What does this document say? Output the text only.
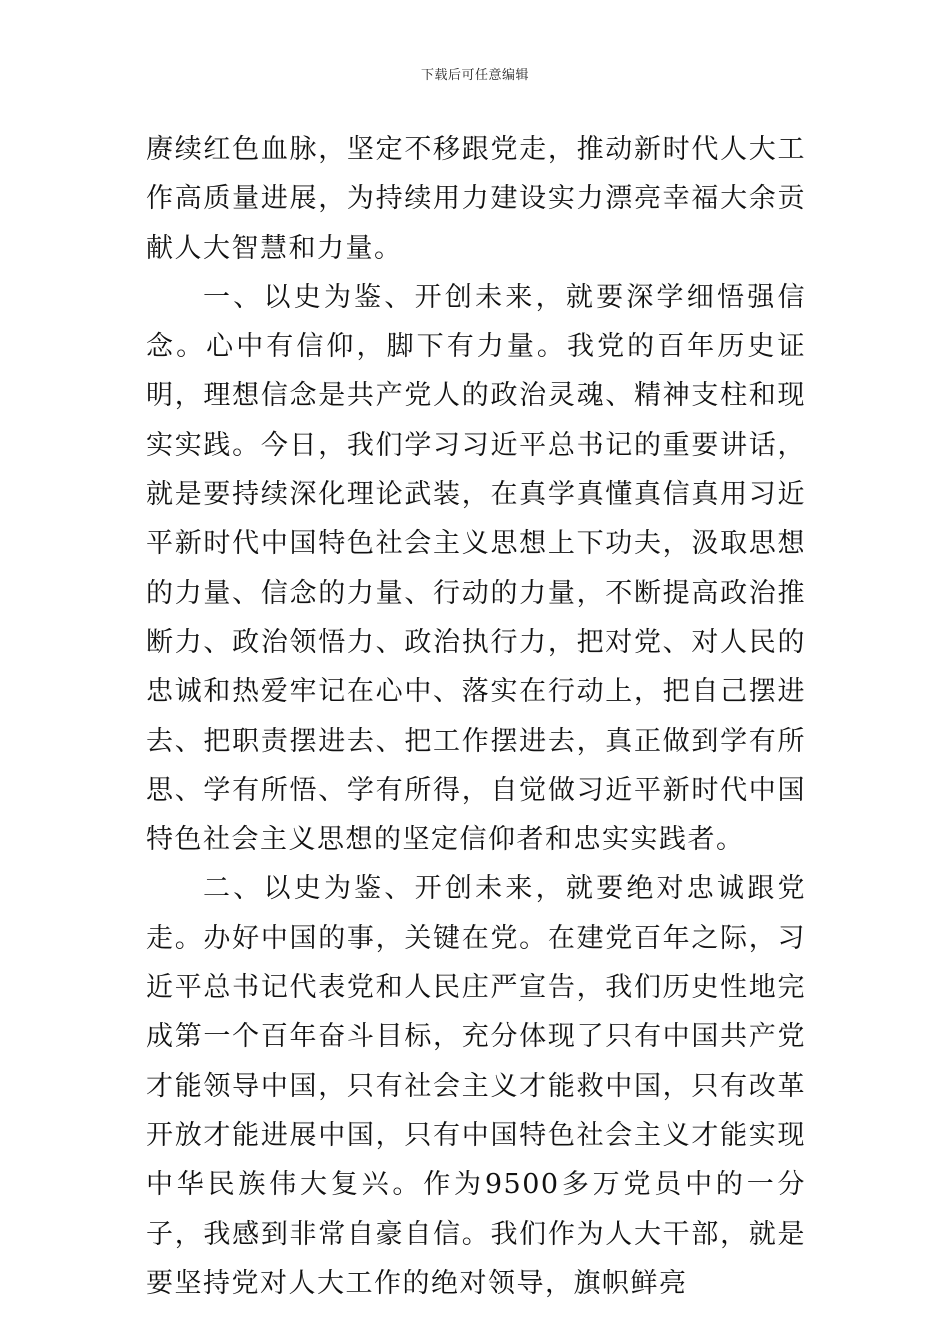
下载后可任意编辑

赓续红色血脉，坚定不移跟党走，推动新时代人大工作高质量进展，为持续用力建设实力漂亮幸福大余贡献人大智慧和力量。

一、以史为鉴、开创未来，就要深学细悟强信念。心中有信仰，脚下有力量。我党的百年历史证明，理想信念是共产党人的政治灵魂、精神支柱和现实实践。今日，我们学习习近平总书记的重要讲话，就是要持续深化理论武装，在真学真懂真信真用习近平新时代中国特色社会主义思想上下功夫，汲取思想的力量、信念的力量、行动的力量，不断提高政治推断力、政治领悟力、政治执行力，把对党、对人民的忠诚和热爱牢记在心中、落实在行动上，把自己摆进去、把职责摆进去、把工作摆进去，真正做到学有所思、学有所悟、学有所得，自觉做习近平新时代中国特色社会主义思想的坚定信仰者和忠实实践者。

二、以史为鉴、开创未来，就要绝对忠诚跟党走。办好中国的事，关键在党。在建党百年之际，习近平总书记代表党和人民庄严宣告，我们历史性地完成第一个百年奋斗目标，充分体现了只有中国共产党才能领导中国，只有社会主义才能救中国，只有改革开放才能进展中国，只有中国特色社会主义才能实现中华民族伟大复兴。作为9500多万党员中的一分子，我感到非常自豪自信。我们作为人大干部，就是要坚持党对人大工作的绝对领导，旗帜鲜亮
